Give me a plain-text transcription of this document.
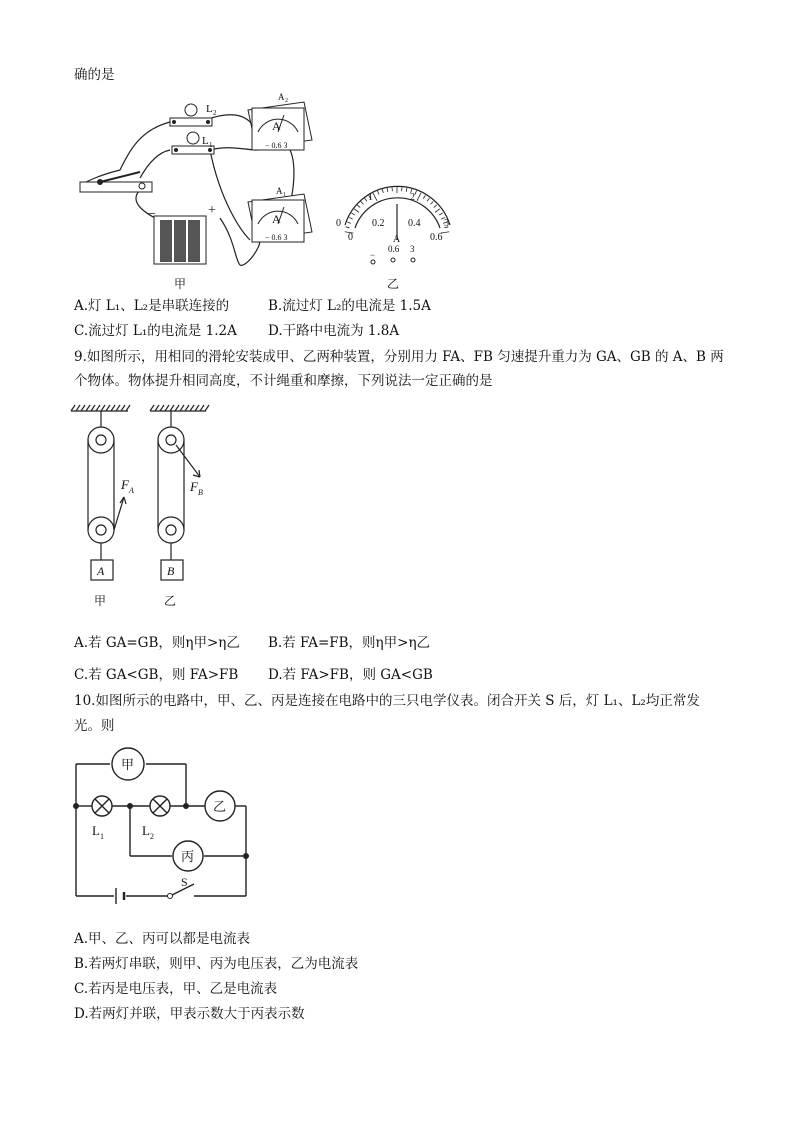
确的是
L 2
L 1
A
− 0.6 3
A 2
−	+
甲
A
− 0.6 3
A 1
0
1	2
3
0
0.2 0.4
0.6
A
−
0.6 3
乙
A.灯 L₁、L₂是串联连接的	B.流过灯 L₂的电流是 1.5A
C.流过灯 L₁的电流是 1.2A D.干路中电流为 1.8A
9.如图所示，用相同的滑轮安装成甲、乙两种装置，分别用力 FA、FB 匀速提升重力为 GA、GB 的 A、B 两
个物体。物体提升相同高度，不计绳重和摩擦，下列说法一定正确的是
F A	F B
A	B
甲	乙
A.若 GA=GB，则η甲>η乙 B.若 FA=FB，则η甲>η乙
C.若 GA<GB，则 FA>FB D.若 FA>FB，则 GA<GB
10.如图所示的电路中，甲、乙、丙是连接在电路中的三只电学仪表。闭合开关 S 后，灯 L₁、L₂均正常发
光。则
甲
乙
丙
L 1	L 2
S
A.甲、乙、丙可以都是电流表
B.若两灯串联，则甲、丙为电压表，乙为电流表
C.若丙是电压表，甲、乙是电流表
D.若两灯并联，甲表示数大于丙表示数
